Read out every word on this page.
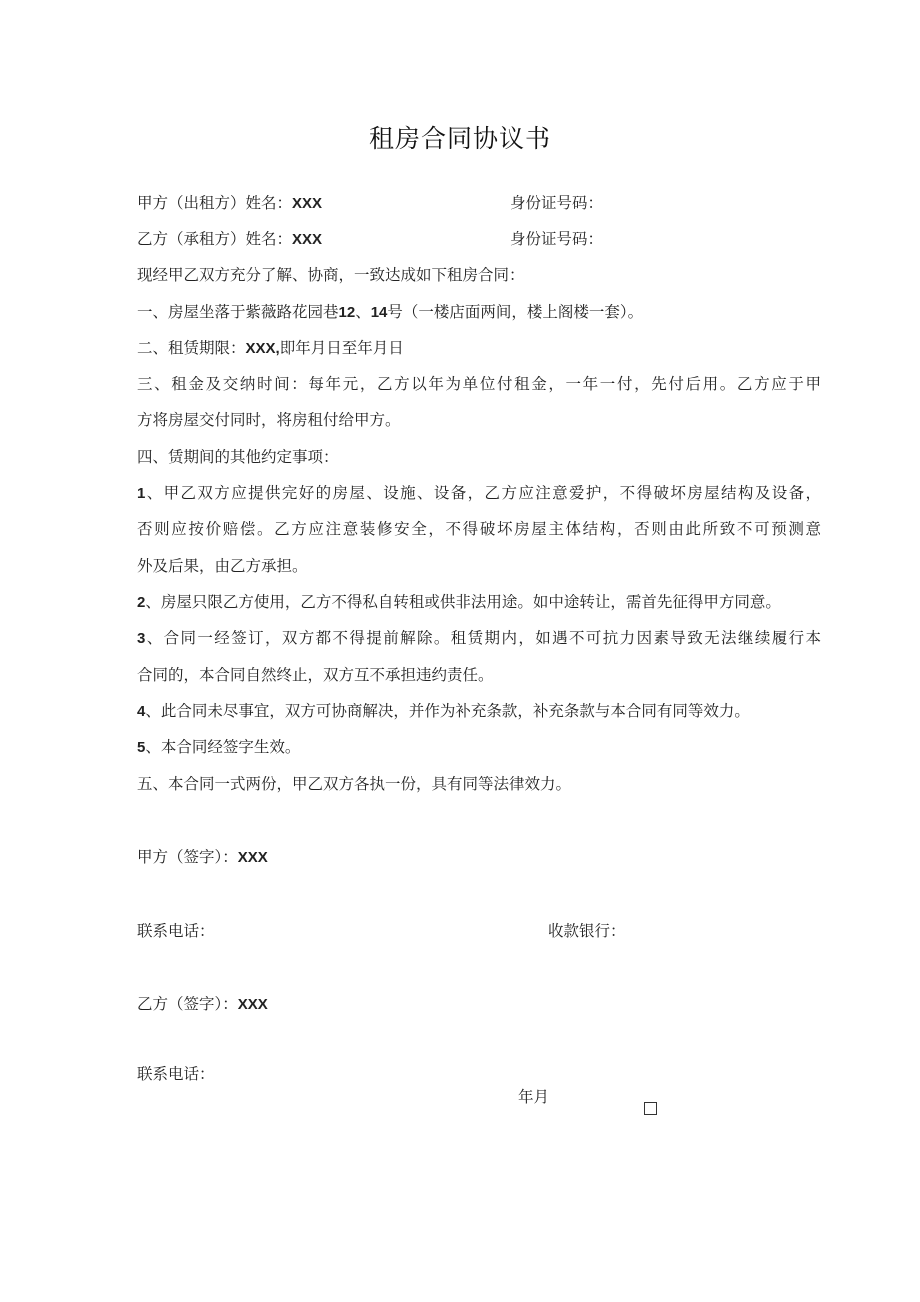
租房合同协议书
甲方（出租方）姓名：XXX	身份证号码：
乙方（承租方）姓名：XXX	身份证号码：
现经甲乙双方充分了解、协商，一致达成如下租房合同：
一、房屋坐落于紫薇路花园巷12、14号（一楼店面两间，楼上阁楼一套）。
二、租赁期限：XXX,即年月日至年月日
三、租金及交纳时间：每年元，乙方以年为单位付租金，一年一付，先付后用。乙方应于甲
方将房屋交付同时，将房租付给甲方。
四、赁期间的其他约定事项：
1、甲乙双方应提供完好的房屋、设施、设备，乙方应注意爱护，不得破坏房屋结构及设备，
否则应按价赔偿。乙方应注意装修安全，不得破坏房屋主体结构，否则由此所致不可预测意
外及后果，由乙方承担。
2、房屋只限乙方使用，乙方不得私自转租或供非法用途。如中途转让，需首先征得甲方同意。
3、合同一经签订，双方都不得提前解除。租赁期内，如遇不可抗力因素导致无法继续履行本
合同的，本合同自然终止，双方互不承担违约责任。
4、此合同未尽事宜，双方可协商解决，并作为补充条款，补充条款与本合同有同等效力。
5、本合同经签字生效。
五、本合同一式两份，甲乙双方各执一份，具有同等法律效力。
甲方（签字）：XXX
联系电话：	收款银行：
乙方（签字）：XXX
联系电话：
年月
